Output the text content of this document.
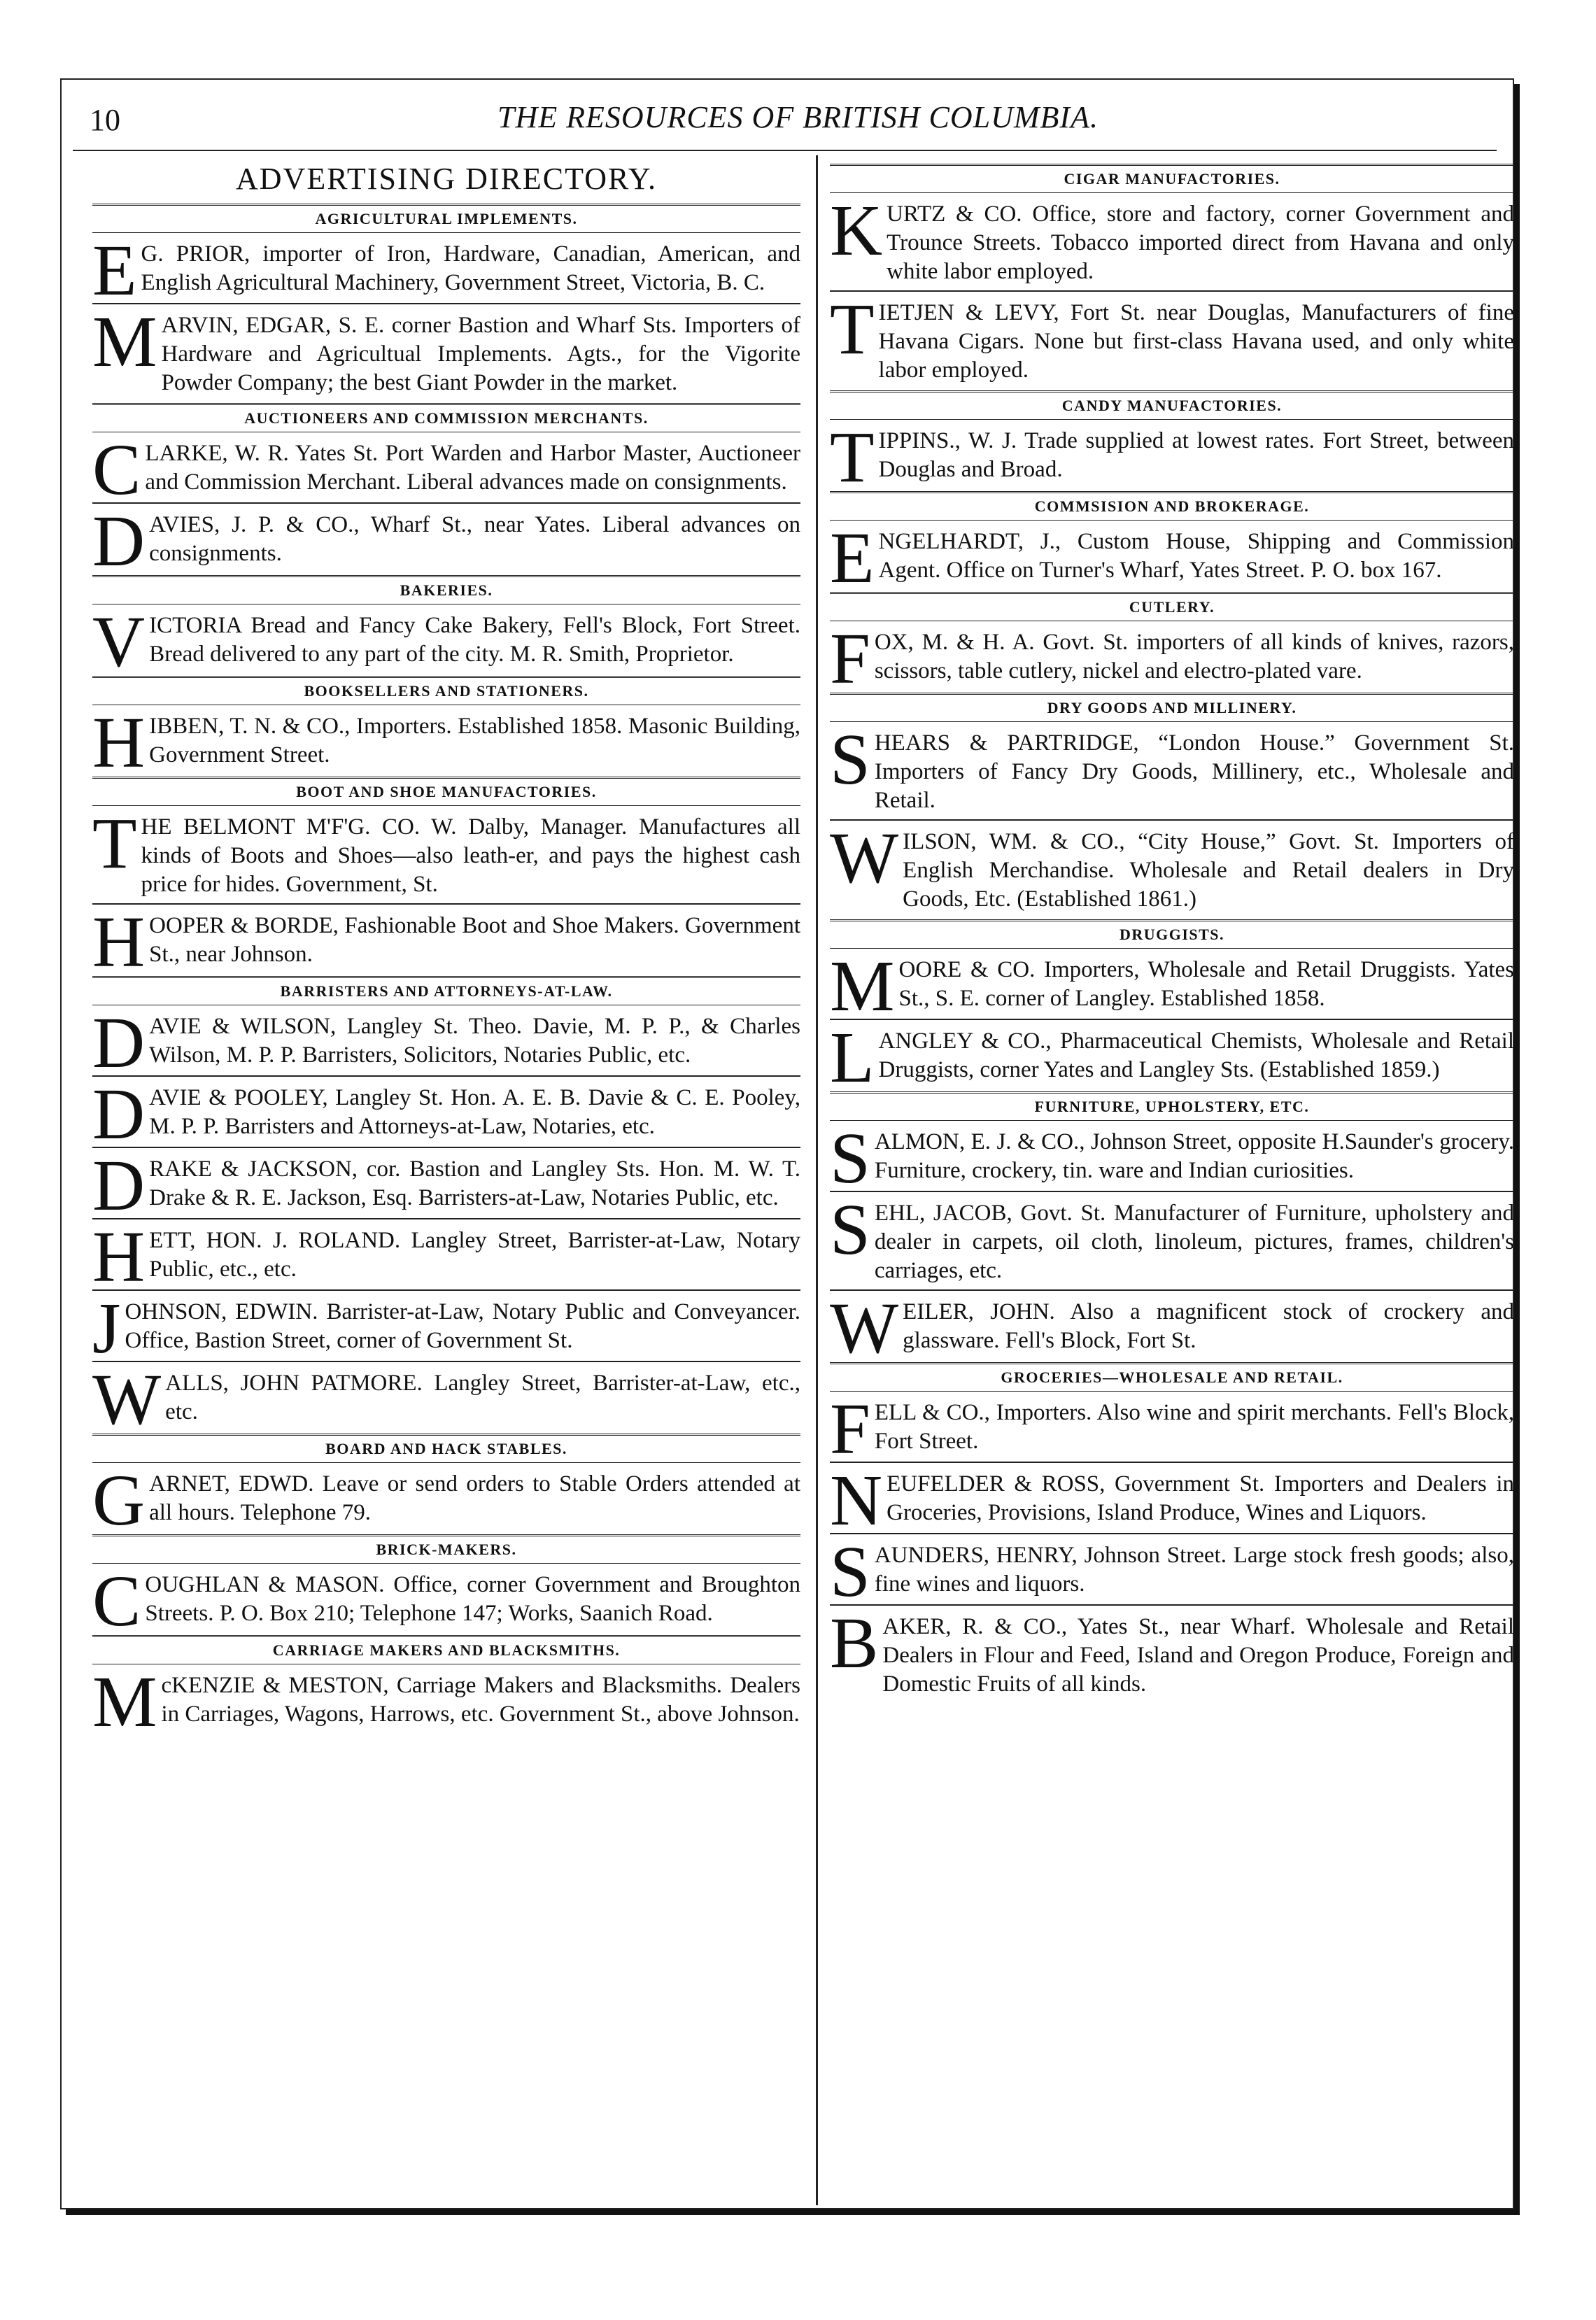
10	THE RESOURCES OF BRITISH COLUMBIA.
ADVERTISING DIRECTORY.
AGRICULTURAL IMPLEMENTS.
E G. PRIOR, importer of Iron, Hardware, Canadian, American, and English Agricultural Machinery, Government Street, Victoria, B. C.
MARVIN, EDGAR, S. E. corner Bastion and Wharf Sts. Importers of Hardware and Agricultual Implements. Agts., for the Vigorite Powder Company; the best Giant Powder in the market.
AUCTIONEERS AND COMMISSION MERCHANTS.
CLARKE, W. R. Yates St. Port Warden and Harbor Master, Auctioneer and Commission Merchant. Liberal advances made on consignments.
DAVIES, J. P. & CO., Wharf St., near Yates. Liberal advances on consignments.
BAKERIES.
VICTORIA Bread and Fancy Cake Bakery, Fell's Block, Fort Street. Bread delivered to any part of the city. M. R. Smith, Proprietor.
BOOKSELLERS AND STATIONERS.
HIBBEN, T. N. & CO., Importers. Established 1858. Masonic Building, Government Street.
BOOT AND SHOE MANUFACTORIES.
THE BELMONT M'F'G. CO. W. Dalby, Manager. Manufactures all kinds of Boots and Shoes—also leath-er, and pays the highest cash price for hides. Government, St.
HOOPER & BORDE, Fashionable Boot and Shoe Makers. Government St., near Johnson.
BARRISTERS AND ATTORNEYS-AT-LAW.
DAVIE & WILSON, Langley St. Theo. Davie, M. P. P., & Charles Wilson, M. P. P. Barristers, Solicitors, Notaries Public, etc.
DAVIE & POOLEY, Langley St. Hon. A. E. B. Davie & C. E. Pooley, M. P. P. Barristers and Attorneys-at-Law, Notaries, etc.
DRAKE & JACKSON, cor. Bastion and Langley Sts. Hon. M. W. T. Drake & R. E. Jackson, Esq. Barristers-at-Law, Notaries Public, etc.
HETT, HON. J. ROLAND. Langley Street, Barrister-at-Law, Notary Public, etc., etc.
JOHNSON, EDWIN. Barrister-at-Law, Notary Public and Conveyancer. Office, Bastion Street, corner of Government St.
WALLS, JOHN PATMORE. Langley Street, Barrister-at-Law, etc., etc.
BOARD AND HACK STABLES.
GARNET, EDWD. Leave or send orders to Stable Orders attended at all hours. Telephone 79.
BRICK-MAKERS.
COUGHLAN & MASON. Office, corner Government and Broughton Streets. P. O. Box 210; Telephone 147; Works, Saanich Road.
CARRIAGE MAKERS AND BLACKSMITHS.
McKENZIE & MESTON, Carriage Makers and Blacksmiths. Dealers in Carriages, Wagons, Harrows, etc. Government St., above Johnson.
CIGAR MANUFACTORIES.
KURTZ & CO. Office, store and factory, corner Government and Trounce Streets. Tobacco imported direct from Havana and only white labor employed.
TIETJEN & LEVY, Fort St. near Douglas, Manufacturers of fine Havana Cigars. None but first-class Havana used, and only white labor employed.
CANDY MANUFACTORIES.
TIPPINS., W. J. Trade supplied at lowest rates. Fort Street, between Douglas and Broad.
COMMSISION AND BROKERAGE.
ENGELHARDT, J., Custom House, Shipping and Commission Agent. Office on Turner's Wharf, Yates Street. P. O. box 167.
CUTLERY.
FOX, M. & H. A. Govt. St. importers of all kinds of knives, razors, scissors, table cutlery, nickel and electro-plated vare.
DRY GOODS AND MILLINERY.
SHEARS & PARTRIDGE, “London House.” Government St. Importers of Fancy Dry Goods, Millinery, etc., Wholesale and Retail.
WILSON, WM. & CO., “City House,” Govt. St. Importers of English Merchandise. Wholesale and Retail dealers in Dry Goods, Etc. (Established 1861.)
DRUGGISTS.
MOORE & CO. Importers, Wholesale and Retail Druggists. Yates St., S. E. corner of Langley. Established 1858.
LANGLEY & CO., Pharmaceutical Chemists, Wholesale and Retail Druggists, corner Yates and Langley Sts. (Established 1859.)
FURNITURE, UPHOLSTERY, ETC.
SALMON, E. J. & CO., Johnson Street, opposite H.Saunder's grocery. Furniture, crockery, tin. ware and Indian curiosities.
SEHL, JACOB, Govt. St. Manufacturer of Furniture, upholstery and dealer in carpets, oil cloth, linoleum, pictures, frames, children's carriages, etc.
WEILER, JOHN. Also a magnificent stock of crockery and glassware. Fell's Block, Fort St.
GROCERIES—WHOLESALE AND RETAIL.
FELL & CO., Importers. Also wine and spirit merchants. Fell's Block, Fort Street.
NEUFELDER & ROSS, Government St. Importers and Dealers in Groceries, Provisions, Island Produce, Wines and Liquors.
SAUNDERS, HENRY, Johnson Street. Large stock fresh goods; also, fine wines and liquors.
BAKER, R. & CO., Yates St., near Wharf. Wholesale and Retail Dealers in Flour and Feed, Island and Oregon Produce, Foreign and Domestic Fruits of all kinds.
